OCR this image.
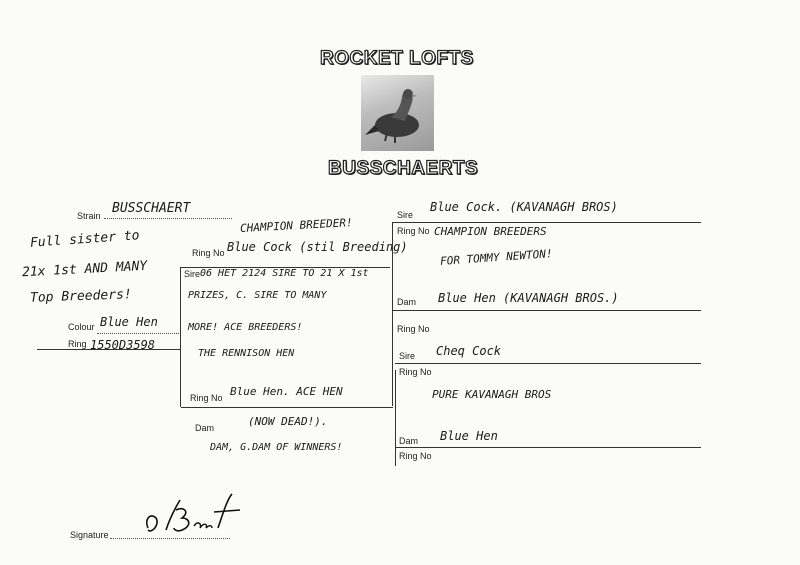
ROCKET LOFTS
BUSSCHAERTS
Strain BUSSCHAERT
Full sister to
21x 1st AND MANY
Top Breeders!
Colour Blue Hen
Ring 1550D3598
CHAMPION BREEDER!
Ring No Blue Cock (stil Breeding)
Sire 06 HET 2124 SIRE TO 21 X 1st
PRIZES, C. SIRE TO MANY
MORE! ACE BREEDERS!
THE RENNISON HEN
Ring No Blue Hen. ACE HEN
Dam	(NOW DEAD!).
DAM, G.DAM OF WINNERS!
Sire
Blue Cock. (KAVANAGH BROS)
Ring No CHAMPION BREEDERS
FOR TOMMY NEWTON!
Dam Blue Hen (KAVANAGH BROS.)
Ring No
Sire Cheq Cock
Ring No
PURE KAVANAGH BROS
Dam Blue Hen
Ring No
Signature
